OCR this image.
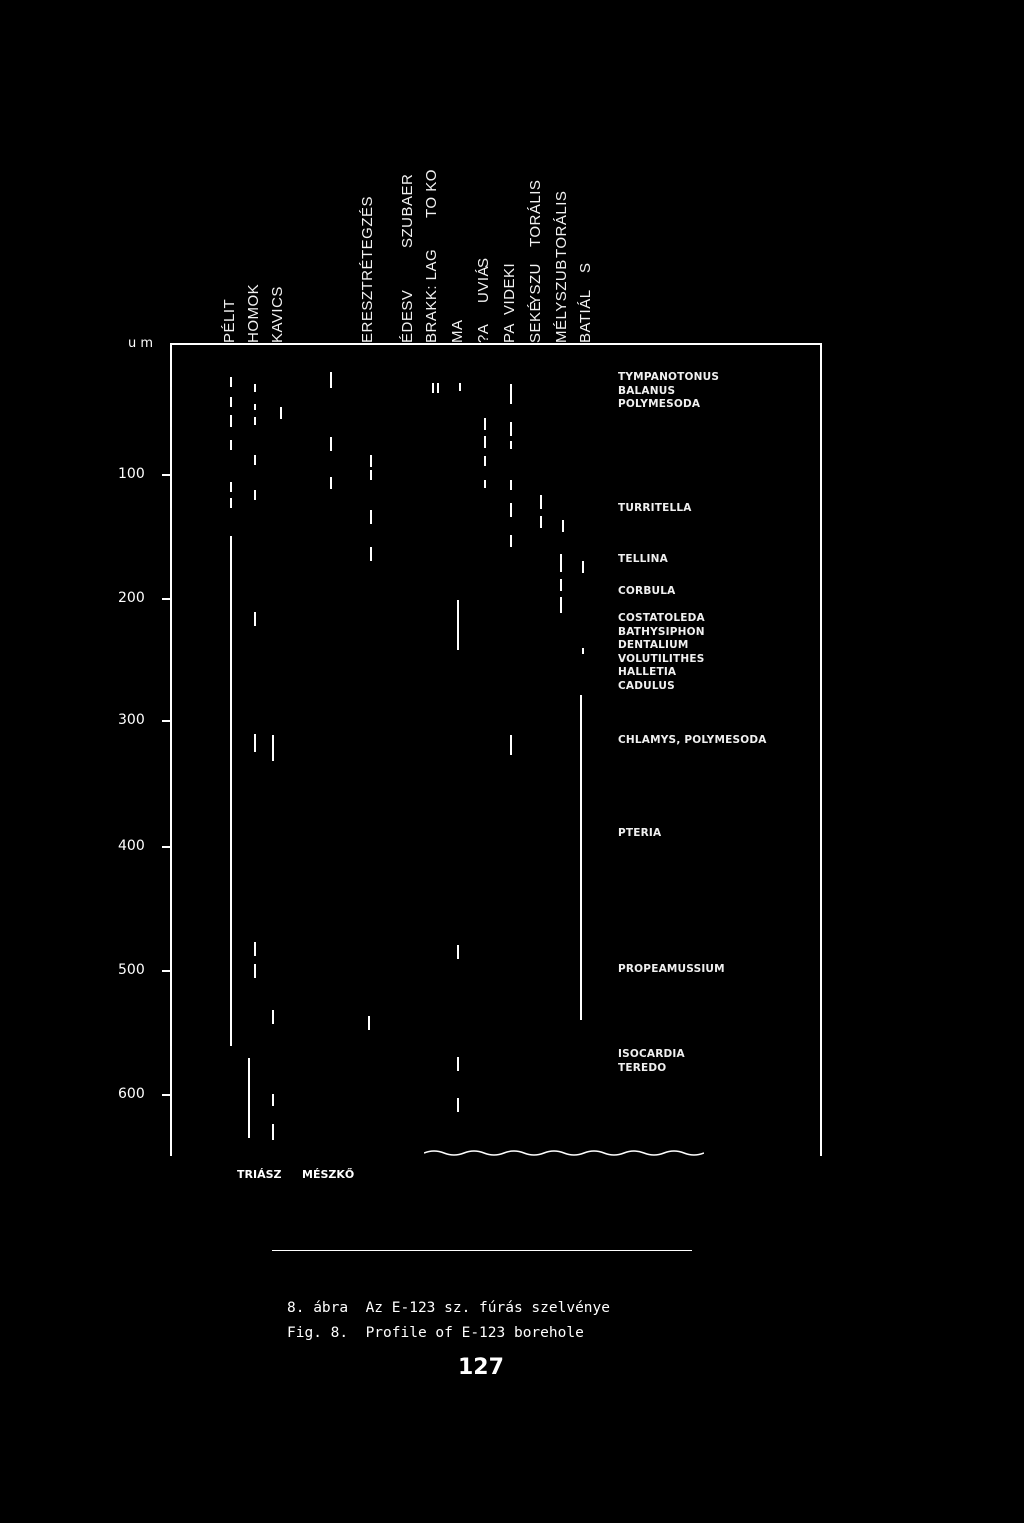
PÉLIT HOMOK KAVICS	ERESZTRÉTEGZÉS ÉDESV
SZUBAER
BRAKK: LAG
TO KO
MA ?A
UVIÁ
S
PA
VIDEKI
SEKÉ
YSZU
TORÁLIS
MÉLYSZUB
TORÁLIS
BATIÁL
S
u m
100
200
300
400
500
600
TYMPANOTONUS
BALANUS
POLYMESODA
TURRITELLA
TELLINA
CORBULA
COSTATOLEDA
BATHYSIPHON
DENTALIUM
VOLUTILITHES
HALLETIA
CADULUS
CHLAMYS, POLYMESODA
PTERIA
PROPEAMUSSIUM
ISOCARDIA
TEREDO
TRIÁSZ MÉSZKŐ
8. ábra  Az E-123 sz. fúrás szelvénye
Fig. 8.  Profile of E-123 borehole
127
